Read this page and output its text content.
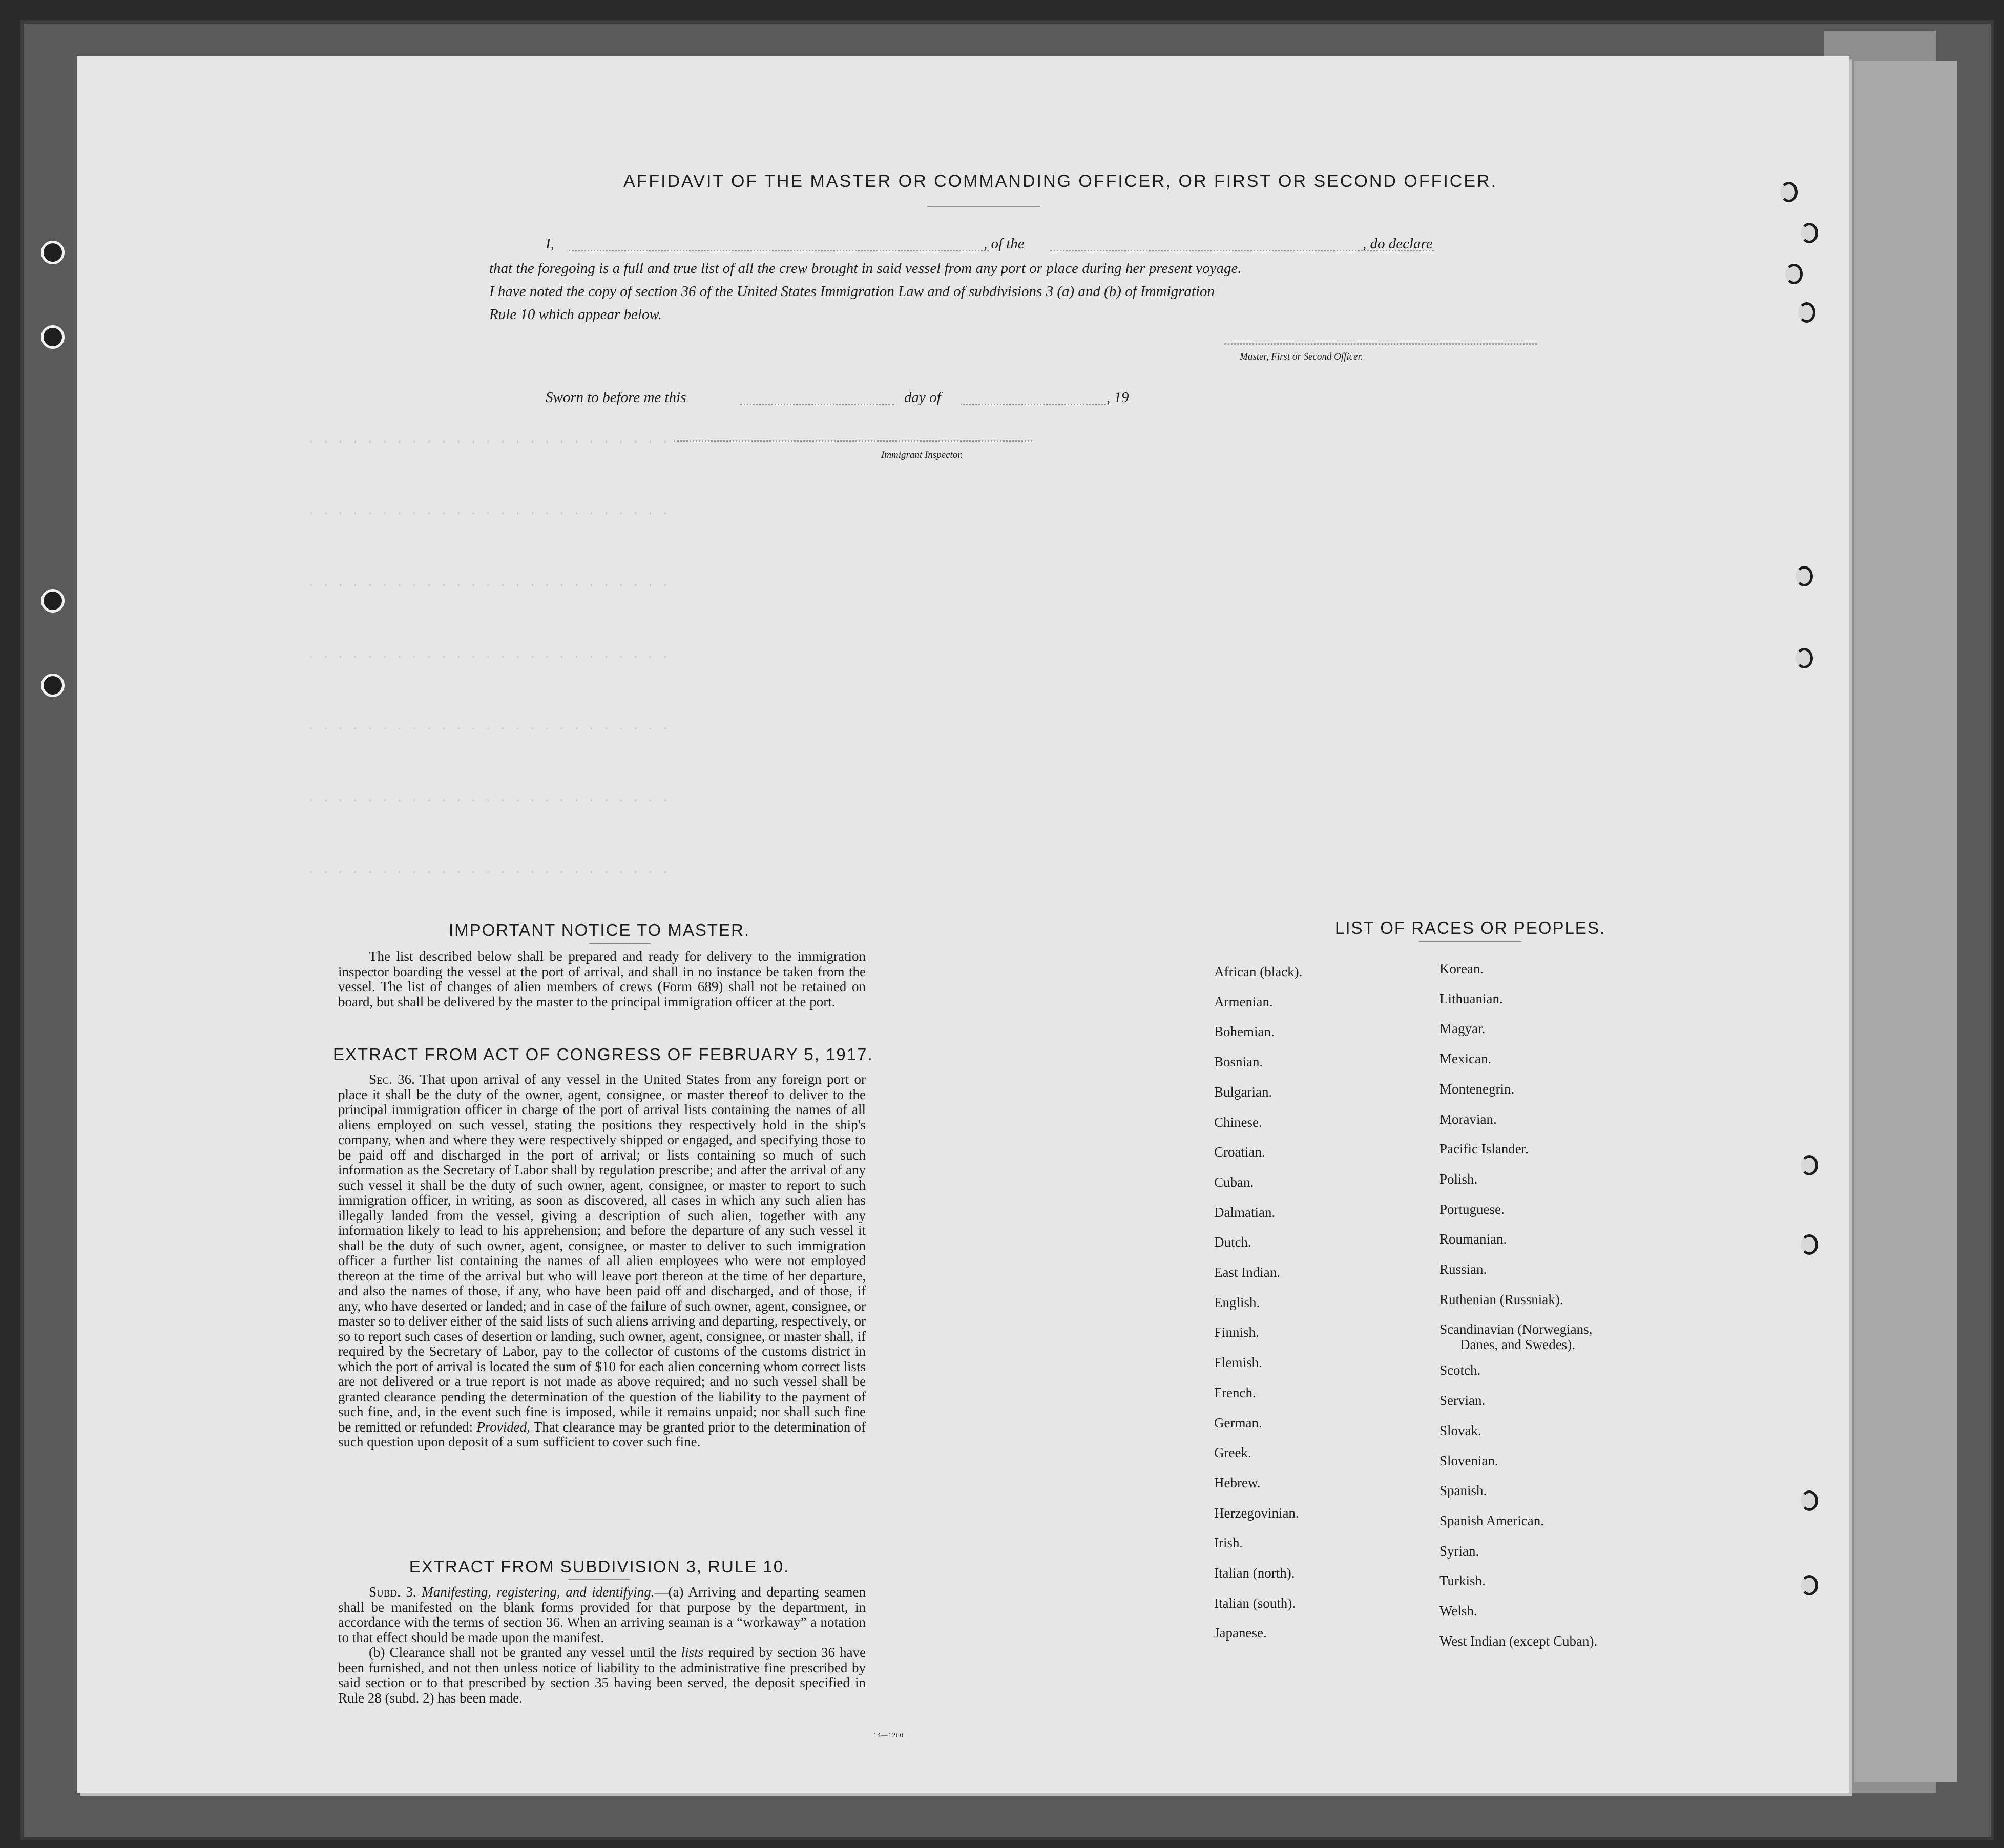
· · · · · · · · · · · · · · · · · · · · · · · · ·
· · · · · · · · · · · · · · · · · · · · · · · · ·
· · · · · · · · · · · · · · · · · · · · · · · · ·
· · · · · · · · · · · · · · · · · · · · · · · · ·
· · · · · · · · · · · · · · · · · · · · · · · · ·
· · · · · · · · · · · · · · · · · · · · · · · · ·
· · · · · · · · · · · · · · · · · · · · · · · · ·
AFFIDAVIT OF THE MASTER OR COMMANDING OFFICER, OR FIRST OR SECOND OFFICER.
I,	, of the	, do declare
that the foregoing is a full and true list of all the crew brought in said vessel from any port or place during her present voyage.
I have noted the copy of section 36 of the United States Immigration Law and of subdivisions 3 (a) and (b) of Immigration
Rule 10 which appear below.
Master, First or Second Officer.
Sworn to before me this	day of	, 19
Immigrant Inspector.
IMPORTANT NOTICE TO MASTER.

The list described below shall be prepared and ready for delivery to the immigration inspector boarding the vessel at the port of arrival, and shall in no instance be taken from the vessel. The list of changes of alien members of crews (Form 689) shall not be retained on board, but shall be delivered by the master to the principal immigration officer at the port.

EXTRACT FROM ACT OF CONGRESS OF FEBRUARY 5, 1917.

Sec. 36. That upon arrival of any vessel in the United States from any foreign port or place it shall be the duty of the owner, agent, consignee, or master thereof to deliver to the principal immigration officer in charge of the port of arrival lists containing the names of all aliens employed on such vessel, stating the positions they respectively hold in the ship's company, when and where they were respectively shipped or engaged, and specifying those to be paid off and discharged in the port of arrival; or lists containing so much of such information as the Secretary of Labor shall by regulation prescribe; and after the arrival of any such vessel it shall be the duty of such owner, agent, consignee, or master to report to such immigration officer, in writing, as soon as discovered, all cases in which any such alien has illegally landed from the vessel, giving a description of such alien, together with any information likely to lead to his apprehension; and before the departure of any such vessel it shall be the duty of such owner, agent, consignee, or master to deliver to such immigration officer a further list containing the names of all alien employees who were not employed thereon at the time of the arrival but who will leave port thereon at the time of her departure, and also the names of those, if any, who have been paid off and discharged, and of those, if any, who have deserted or landed; and in case of the failure of such owner, agent, consignee, or master so to deliver either of the said lists of such aliens arriving and departing, respectively, or so to report such cases of desertion or landing, such owner, agent, consignee, or master shall, if required by the Secretary of Labor, pay to the collector of customs of the customs district in which the port of arrival is located the sum of $10 for each alien concerning whom correct lists are not delivered or a true report is not made as above required; and no such vessel shall be granted clearance pending the determination of the question of the liability to the payment of such fine, and, in the event such fine is imposed, while it remains unpaid; nor shall such fine be remitted or refunded: Provided, That clearance may be granted prior to the determination of such question upon deposit of a sum sufficient to cover such fine.

EXTRACT FROM SUBDIVISION 3, RULE 10.

Subd. 3. Manifesting, registering, and identifying.—(a) Arriving and departing seamen shall be manifested on the blank forms provided for that purpose by the department, in accordance with the terms of section 36. When an arriving seaman is a “workaway” a notation to that effect should be made upon the manifest.

(b) Clearance shall not be granted any vessel until the lists required by section 36 have been furnished, and not then unless notice of liability to the administrative fine prescribed by said section or to that prescribed by section 35 having been served, the deposit specified in Rule 28 (subd. 2) has been made.

14—1260
LIST OF RACES OR PEOPLES.
African (black).
Armenian.
Bohemian.
Bosnian.
Bulgarian.
Chinese.
Croatian.
Cuban.
Dalmatian.
Dutch.
East Indian.
English.
Finnish.
Flemish.
French.
German.
Greek.
Hebrew.
Herzegovinian.
Irish.
Italian (north).
Italian (south).
Japanese.
Korean.
Lithuanian.
Magyar.
Mexican.
Montenegrin.
Moravian.
Pacific Islander.
Polish.
Portuguese.
Roumanian.
Russian.
Ruthenian (Russniak).
Scandinavian (Norwegians,
Danes, and Swedes).
Scotch.
Servian.
Slovak.
Slovenian.
Spanish.
Spanish American.
Syrian.
Turkish.
Welsh.
West Indian (except Cuban).
